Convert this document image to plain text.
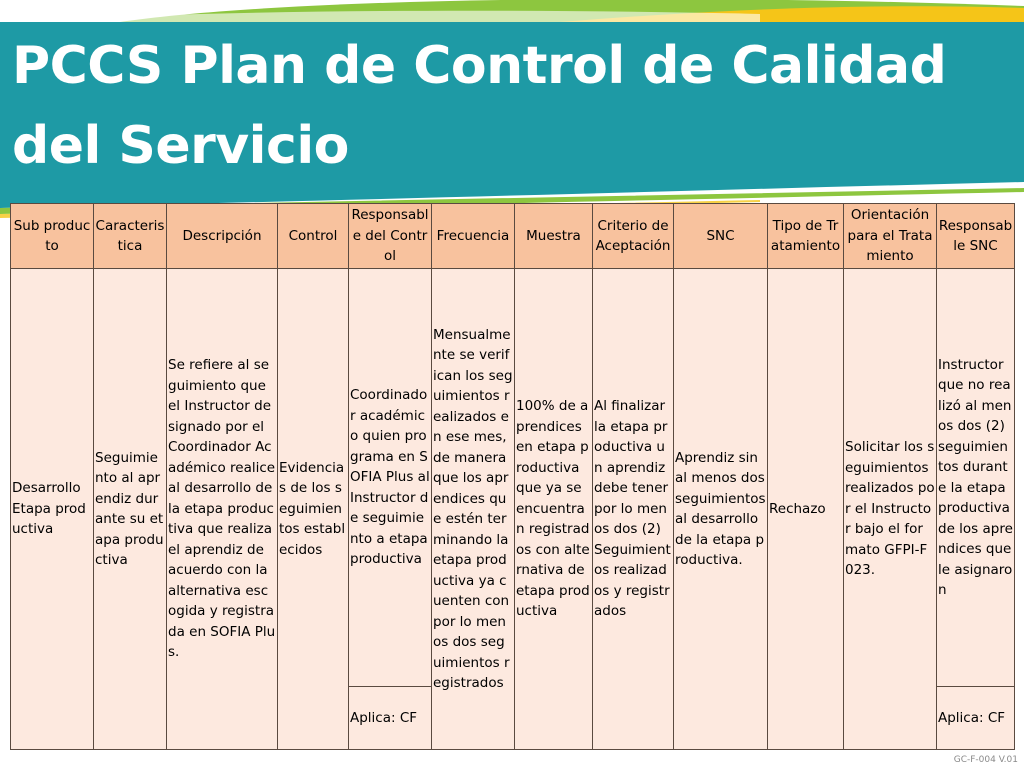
PCCS Plan de Control de Calidad del Servicio
Sub producto	Caracteristica	Descripción	Control	Responsable del Control	Frecuencia	Muestra	Criterio de Aceptación	SNC	Tipo de Tratamiento	Orientación para el Tratamiento	Responsable SNC
Desarrollo Etapa productiva	Seguimiento al aprendiz durante su etapa productiva	Se refiere al seguimiento que el Instructor designado por el Coordinador Académico realice al desarrollo de la etapa productiva que realiza el aprendiz de acuerdo con la alternativa escogida y registrada en SOFIA Plus.	Evidencias de los seguimientos establecidos	Coordinador académico quien programa en SOFIA Plus al Instructor de seguimiento a etapa productiva	Mensualmente se verifican los seguimientos realizados en ese mes, de manera que los aprendices que estén terminando la etapa productiva ya cuenten con por lo menos dos seguimientos registrados	100% de aprendices en etapa productiva que ya se encuentran registrados con alternativa de etapa productiva	Al finalizar la etapa productiva un aprendiz debe tener por lo menos dos (2) Seguimientos realizados y registrados	Aprendiz sin al menos dos seguimientos al desarrollo de la etapa productiva.	Rechazo	Solicitar los seguimientos realizados por el Instructor bajo el formato GFPI-F023.	Instructor que no realizó al menos dos (2) seguimientos durante la etapa productiva de los aprendices que le asignaron
				Aplica: CF							Aplica: CF
GC-F-004 V.01
